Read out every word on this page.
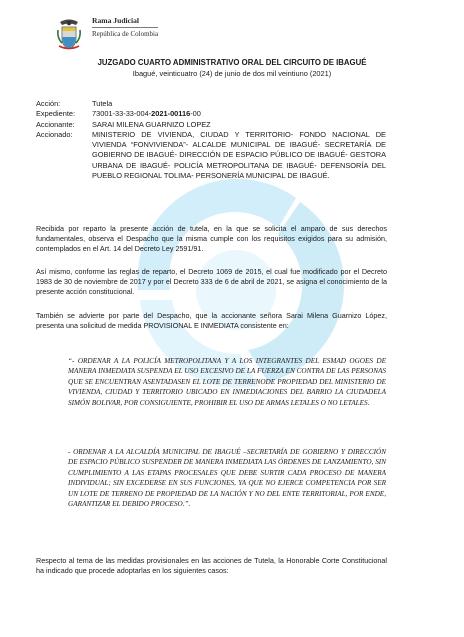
Rama Judicial
República de Colombia
JUZGADO CUARTO ADMINISTRATIVO ORAL DEL CIRCUITO DE IBAGUÉ
Ibagué, veinticuatro (24) de junio de dos mil veintiuno (2021)
Acción:	Tutela
Expediente:	73001-33-33-004-2021-00116-00
Accionante:	SARAI MILENA GUARNIZO LOPEZ
Accionado:	MINISTERIO DE VIVIENDA, CIUDAD Y TERRITORIO- FONDO NACIONAL DE VIVIENDA “FONVIVIENDA”- ALCALDE MUNICIPAL DE IBAGUÉ- SECRETARÍA DE GOBIERNO DE IBAGUÉ- DIRECCIÓN DE ESPACIO PÚBLICO DE IBAGUÉ- GESTORA URBANA DE IBAGUÉ- POLICÍA METROPOLITANA DE IBAGUÉ- DEFENSORÍA DEL PUEBLO REGIONAL TOLIMA- PERSONERÍA MUNICIPAL DE IBAGUÉ.
Recibida por reparto la presente acción de tutela, en la que se solicita el amparo de sus derechos fundamentales, observa el Despacho que la misma cumple con los requisitos exigidos para su admisión, contemplados en el Art. 14 del Decreto Ley 2591/91.
Así mismo, conforme las reglas de reparto, el Decreto 1069 de 2015, el cual fue modificado por el Decreto 1983 de 30 de noviembre de 2017 y por el Decreto 333 de 6 de abril de 2021, se asigna el conocimiento de la presente acción constitucional.
También se advierte por parte del Despacho, que la accionante señora Sarai Milena Guarnizo López, presenta una solicitud de medida PROVISIONAL E INMEDIATA consistente en:
“- ORDENAR A LA POLICÍA METROPOLITANA Y A LOS INTEGRANTES DEL ESMAD OGOES DE MANERA INMEDIATA SUSPENDA EL USO EXCESIVO DE LA FUERZA EN CONTRA DE LAS PERSONAS QUE SE ENCUENTRAN ASENTADASEN EL LOTE DE TERRENODE PROPIEDAD DEL MINISTERIO DE VIVIENDA, CIUDAD Y TERRITORIO UBICADO EN INMEDIACIONES DEL BARRIO LA CIUDADELA SIMÓN BOLIVAR, POR CONSIGUIENTE, PROHIBIR EL USO DE ARMAS LETALES O NO LETALES.
- ORDENAR A LA ALCALDÍA MUNICIPAL DE IBAGUÉ –SECRETARÍA DE GOBIERNO Y DIRECCIÓN DE ESPACIO PÚBLICO SUSPENDER DE MANERA INMEDIATA LAS ÓRDENES DE LANZAMIENTO, SIN CUMPLIMIENTO A LAS ETAPAS PROCESALES QUE DEBE SURTIR CADA PROCESO DE MANERA INDIVIDUAL; SIN EXCEDERSE EN SUS FUNCIONES, YA QUE NO EJERCE COMPETENCIA POR SER UN LOTE DE TERRENO DE PROPIEDAD DE LA NACIÓN Y NO DEL ENTE TERRITORIAL, POR ENDE, GARANTIZAR EL DEBIDO PROCESO.”.
Respecto al tema de las medidas provisionales en las acciones de Tutela, la Honorable Corte Constitucional ha indicado que procede adoptarlas en los siguientes casos:
